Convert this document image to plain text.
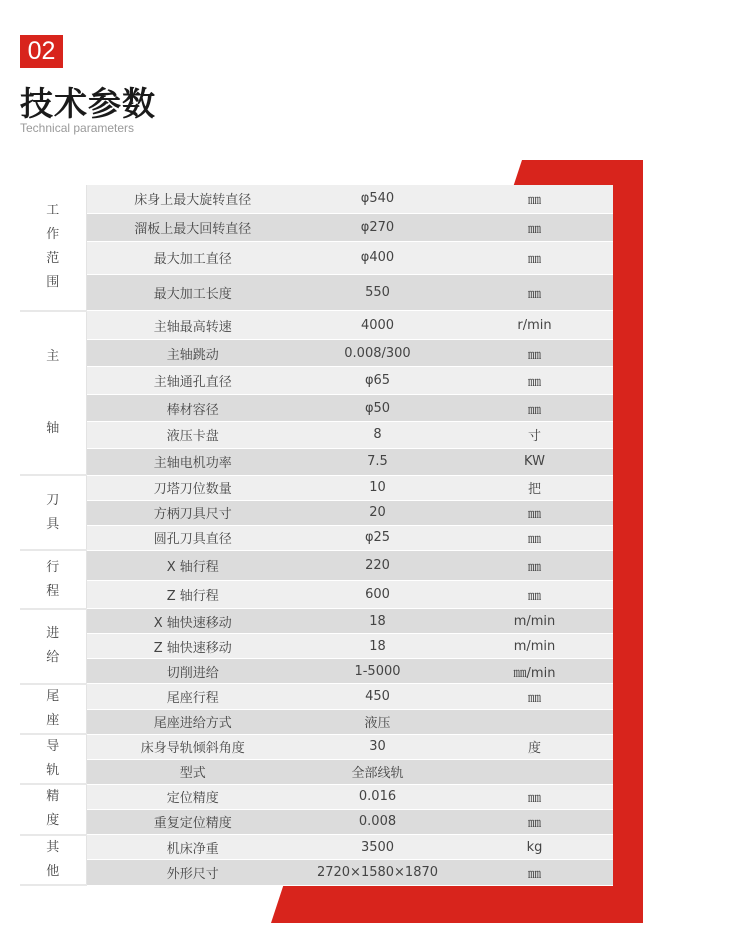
02
技术参数
Technical parameters
工
作
范
围	床身上最大旋转直径	φ540	㎜
	溜板上最大回转直径	φ270	㎜
	最大加工直径	φ400	㎜
	最大加工长度	550	㎜
主

轴	主轴最高转速	4000	r/min
	主轴跳动	0.008/300	㎜
	主轴通孔直径	φ65	㎜
	棒材容径	φ50	㎜
	液压卡盘	8	寸
	主轴电机功率	7.5	KW
刀
具	刀塔刀位数量	10	把
	方柄刀具尺寸	20	㎜
	圆孔刀具直径	φ25	㎜
行
程	X 轴行程	220	㎜
	Z 轴行程	600	㎜
进
给	X 轴快速移动	18	m/min
	Z 轴快速移动	18	m/min
	切削进给	1-5000	㎜/min
尾
座	尾座行程	450	㎜
	尾座进给方式	液压	
导
轨	床身导轨倾斜角度	30	度
	型式	全部线轨	
精
度	定位精度	0.016	㎜
	重复定位精度	0.008	㎜
其
他	机床净重	3500	kg
	外形尺寸	2720×1580×1870	㎜
